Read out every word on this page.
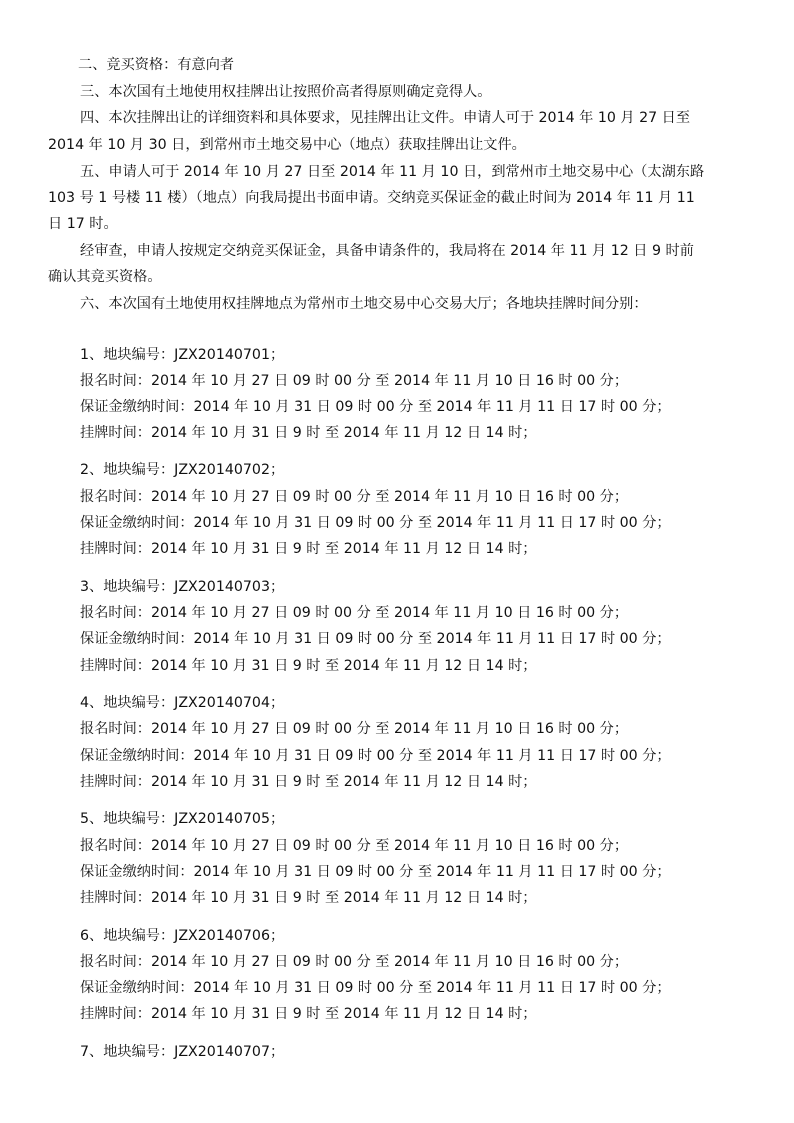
二、竞买资格：有意向者
三、本次国有土地使用权挂牌出让按照价高者得原则确定竞得人。
四、本次挂牌出让的详细资料和具体要求，见挂牌出让文件。申请人可于 2014 年 10 月 27 日至
2014 年 10 月 30 日，到常州市土地交易中心（地点）获取挂牌出让文件。
五、申请人可于 2014 年 10 月 27 日至 2014 年 11 月 10 日，到常州市土地交易中心（太湖东路
103 号 1 号楼 11 楼）（地点）向我局提出书面申请。交纳竞买保证金的截止时间为 2014 年 11 月 11
日 17 时。
经审查，申请人按规定交纳竞买保证金，具备申请条件的，我局将在 2014 年 11 月 12 日 9 时前
确认其竞买资格。
六、本次国有土地使用权挂牌地点为常州市土地交易中心交易大厅；各地块挂牌时间分别：
1、地块编号：JZX20140701；
报名时间：2014 年 10 月 27 日 09 时 00 分 至 2014 年 11 月 10 日 16 时 00 分；
保证金缴纳时间：2014 年 10 月 31 日 09 时 00 分 至 2014 年 11 月 11 日 17 时 00 分；
挂牌时间：2014 年 10 月 31 日 9 时 至 2014 年 11 月 12 日 14 时；
2、地块编号：JZX20140702；
报名时间：2014 年 10 月 27 日 09 时 00 分 至 2014 年 11 月 10 日 16 时 00 分；
保证金缴纳时间：2014 年 10 月 31 日 09 时 00 分 至 2014 年 11 月 11 日 17 时 00 分；
挂牌时间：2014 年 10 月 31 日 9 时 至 2014 年 11 月 12 日 14 时；
3、地块编号：JZX20140703；
报名时间：2014 年 10 月 27 日 09 时 00 分 至 2014 年 11 月 10 日 16 时 00 分；
保证金缴纳时间：2014 年 10 月 31 日 09 时 00 分 至 2014 年 11 月 11 日 17 时 00 分；
挂牌时间：2014 年 10 月 31 日 9 时 至 2014 年 11 月 12 日 14 时；
4、地块编号：JZX20140704；
报名时间：2014 年 10 月 27 日 09 时 00 分 至 2014 年 11 月 10 日 16 时 00 分；
保证金缴纳时间：2014 年 10 月 31 日 09 时 00 分 至 2014 年 11 月 11 日 17 时 00 分；
挂牌时间：2014 年 10 月 31 日 9 时 至 2014 年 11 月 12 日 14 时；
5、地块编号：JZX20140705；
报名时间：2014 年 10 月 27 日 09 时 00 分 至 2014 年 11 月 10 日 16 时 00 分；
保证金缴纳时间：2014 年 10 月 31 日 09 时 00 分 至 2014 年 11 月 11 日 17 时 00 分；
挂牌时间：2014 年 10 月 31 日 9 时 至 2014 年 11 月 12 日 14 时；
6、地块编号：JZX20140706；
报名时间：2014 年 10 月 27 日 09 时 00 分 至 2014 年 11 月 10 日 16 时 00 分；
保证金缴纳时间：2014 年 10 月 31 日 09 时 00 分 至 2014 年 11 月 11 日 17 时 00 分；
挂牌时间：2014 年 10 月 31 日 9 时 至 2014 年 11 月 12 日 14 时；
7、地块编号：JZX20140707；
